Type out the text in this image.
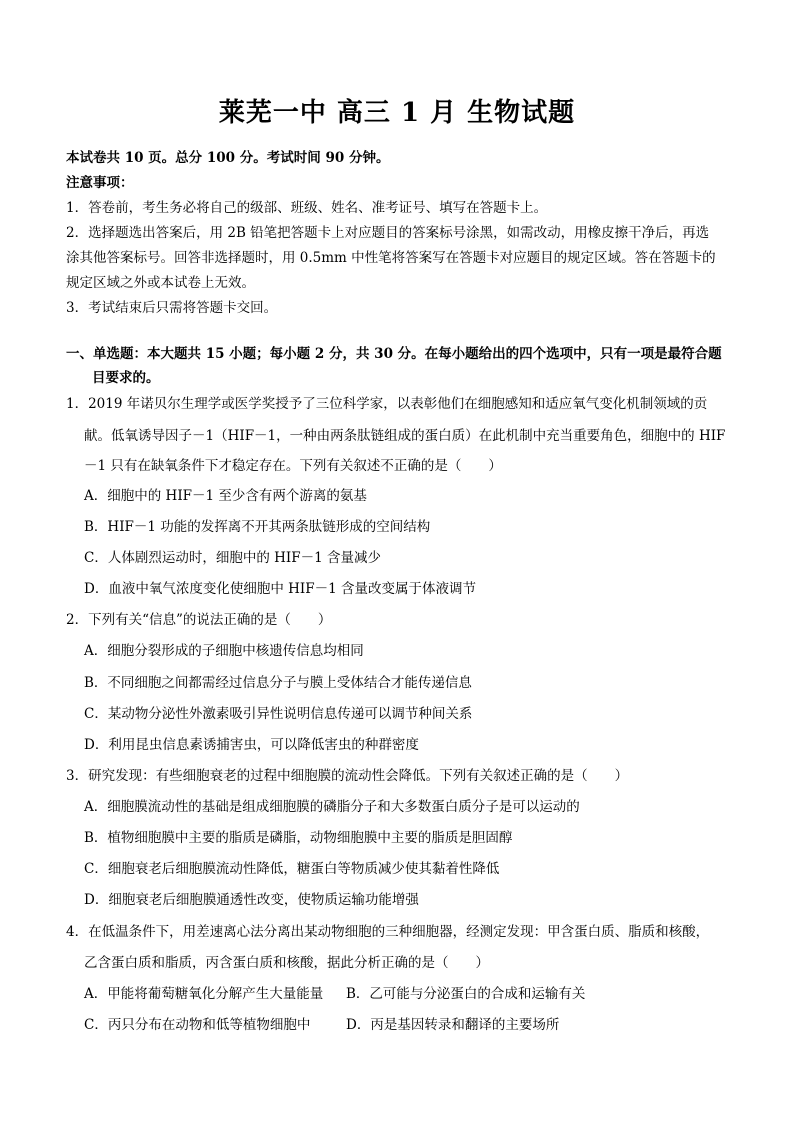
莱芜一中 高三 1 月 生物试题
本试卷共 10 页。总分 100 分。考试时间 90 分钟。
注意事项：
1．答卷前，考生务必将自己的级部、班级、姓名、准考证号、填写在答题卡上。
2．选择题选出答案后，用 2B 铅笔把答题卡上对应题目的答案标号涂黑，如需改动，用橡皮擦干净后，再选
涂其他答案标号。回答非选择题时，用 0.5mm 中性笔将答案写在答题卡对应题目的规定区域。答在答题卡的
规定区域之外或本试卷上无效。
3．考试结束后只需将答题卡交回。
一、单选题：本大题共 15 小题；每小题 2 分，共 30 分。在每小题给出的四个选项中，只有一项是最符合题
目要求的。
1．2019 年诺贝尔生理学或医学奖授予了三位科学家，以表彰他们在细胞感知和适应氧气变化机制领域的贡
献。低氧诱导因子－1（HIF－1，一种由两条肽链组成的蛋白质）在此机制中充当重要角色，细胞中的 HIF
－1 只有在缺氧条件下才稳定存在。下列有关叙述不正确的是（　　）
A．细胞中的 HIF－1 至少含有两个游离的氨基
B．HIF－1 功能的发挥离不开其两条肽链形成的空间结构
C．人体剧烈运动时，细胞中的 HIF－1 含量减少
D．血液中氧气浓度变化使细胞中 HIF－1 含量改变属于体液调节
2．下列有关“信息”的说法正确的是（　　）
A．细胞分裂形成的子细胞中核遗传信息均相同
B．不同细胞之间都需经过信息分子与膜上受体结合才能传递信息
C．某动物分泌性外激素吸引异性说明信息传递可以调节种间关系
D．利用昆虫信息素诱捕害虫，可以降低害虫的种群密度
3．研究发现：有些细胞衰老的过程中细胞膜的流动性会降低。下列有关叙述正确的是（　　）
A．细胞膜流动性的基础是组成细胞膜的磷脂分子和大多数蛋白质分子是可以运动的
B．植物细胞膜中主要的脂质是磷脂，动物细胞膜中主要的脂质是胆固醇
C．细胞衰老后细胞膜流动性降低，糖蛋白等物质减少使其黏着性降低
D．细胞衰老后细胞膜通透性改变，使物质运输功能增强
4．在低温条件下，用差速离心法分离出某动物细胞的三种细胞器，经测定发现：甲含蛋白质、脂质和核酸，
乙含蛋白质和脂质，丙含蛋白质和核酸，据此分析正确的是（　　）
A．甲能将葡萄糖氧化分解产生大量能量 B．乙可能与分泌蛋白的合成和运输有关
C．丙只分布在动物和低等植物细胞中	D．丙是基因转录和翻译的主要场所
